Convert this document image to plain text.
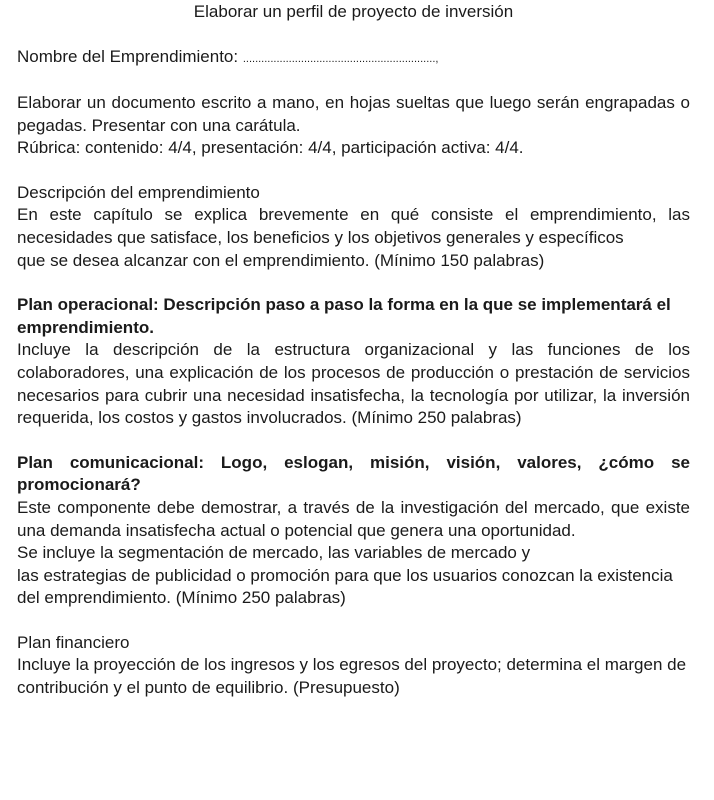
Elaborar un perfil de proyecto de inversión
Nombre del Emprendimiento: ...............................................................,

Elaborar un documento escrito a mano, en hojas sueltas que luego serán engrapadas o pegadas. Presentar con una carátula.

Rúbrica: contenido: 4/4, presentación: 4/4, participación activa: 4/4.

Descripción del emprendimiento

En este capítulo se explica brevemente en qué consiste el emprendimiento, las necesidades que satisface, los beneficios y los objetivos generales y específicos

que se desea alcanzar con el emprendimiento. (Mínimo 150 palabras)

Plan operacional: Descripción paso a paso la forma en la que se implementará el emprendimiento.

Incluye la descripción de la estructura organizacional y las funciones de los colaboradores, una explicación de los procesos de producción o prestación de servicios necesarios para cubrir una necesidad insatisfecha, la tecnología por utilizar, la inversión requerida, los costos y gastos involucrados. (Mínimo 250 palabras)

Plan comunicacional: Logo, eslogan, misión, visión, valores, ¿cómo se promocionará?

Este componente debe demostrar, a través de la investigación del mercado, que existe una demanda insatisfecha actual o potencial que genera una oportunidad.

Se incluye la segmentación de mercado, las variables de mercado y

las estrategias de publicidad o promoción para que los usuarios conozcan la existencia del emprendimiento. (Mínimo 250 palabras)

Plan financiero

Incluye la proyección de los ingresos y los egresos del proyecto; determina el margen de contribución y el punto de equilibrio. (Presupuesto)
